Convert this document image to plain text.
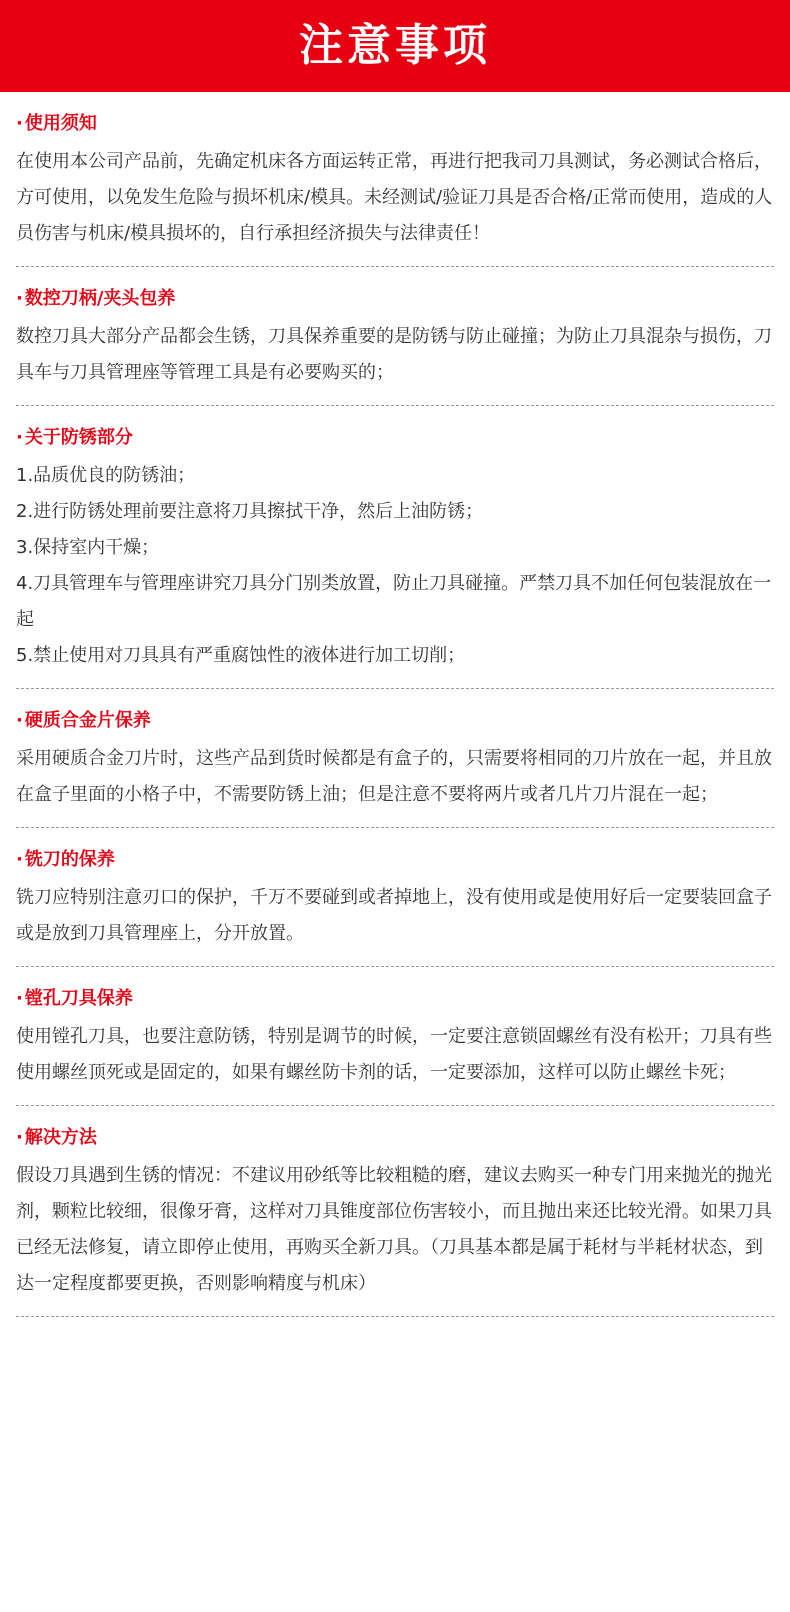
注意事项

· 使用须知

在使用本公司产品前，先确定机床各方面运转正常，再进行把我司刀具测试，务必测试合格后，方可使用，以免发生危险与损坏机床/模具。未经测试/验证刀具是否合格/正常而使用，造成的人员伤害与机床/模具损坏的，自行承担经济损失与法律责任！

· 数控刀柄/夹头包养

数控刀具大部分产品都会生锈，刀具保养重要的是防锈与防止碰撞；为防止刀具混杂与损伤，刀具车与刀具管理座等管理工具是有必要购买的；

· 关于防锈部分

1.品质优良的防锈油；

2.进行防锈处理前要注意将刀具擦拭干净，然后上油防锈；

3.保持室内干燥；

4.刀具管理车与管理座讲究刀具分门别类放置，防止刀具碰撞。严禁刀具不加任何包装混放在一起

5.禁止使用对刀具具有严重腐蚀性的液体进行加工切削；

· 硬质合金片保养

采用硬质合金刀片时，这些产品到货时候都是有盒子的，只需要将相同的刀片放在一起，并且放在盒子里面的小格子中，不需要防锈上油；但是注意不要将两片或者几片刀片混在一起；

· 铣刀的保养

铣刀应特别注意刃口的保护，千万不要碰到或者掉地上，没有使用或是使用好后一定要装回盒子或是放到刀具管理座上，分开放置。

· 镗孔刀具保养

使用镗孔刀具，也要注意防锈，特别是调节的时候，一定要注意锁固螺丝有没有松开；刀具有些使用螺丝顶死或是固定的，如果有螺丝防卡剂的话，一定要添加，这样可以防止螺丝卡死；

· 解决方法

假设刀具遇到生锈的情况：不建议用砂纸等比较粗糙的磨，建议去购买一种专门用来抛光的抛光剂，颗粒比较细，很像牙膏，这样对刀具锥度部位伤害较小，而且抛出来还比较光滑。如果刀具已经无法修复，请立即停止使用，再购买全新刀具。（刀具基本都是属于耗材与半耗材状态，到达一定程度都要更换，否则影响精度与机床）
